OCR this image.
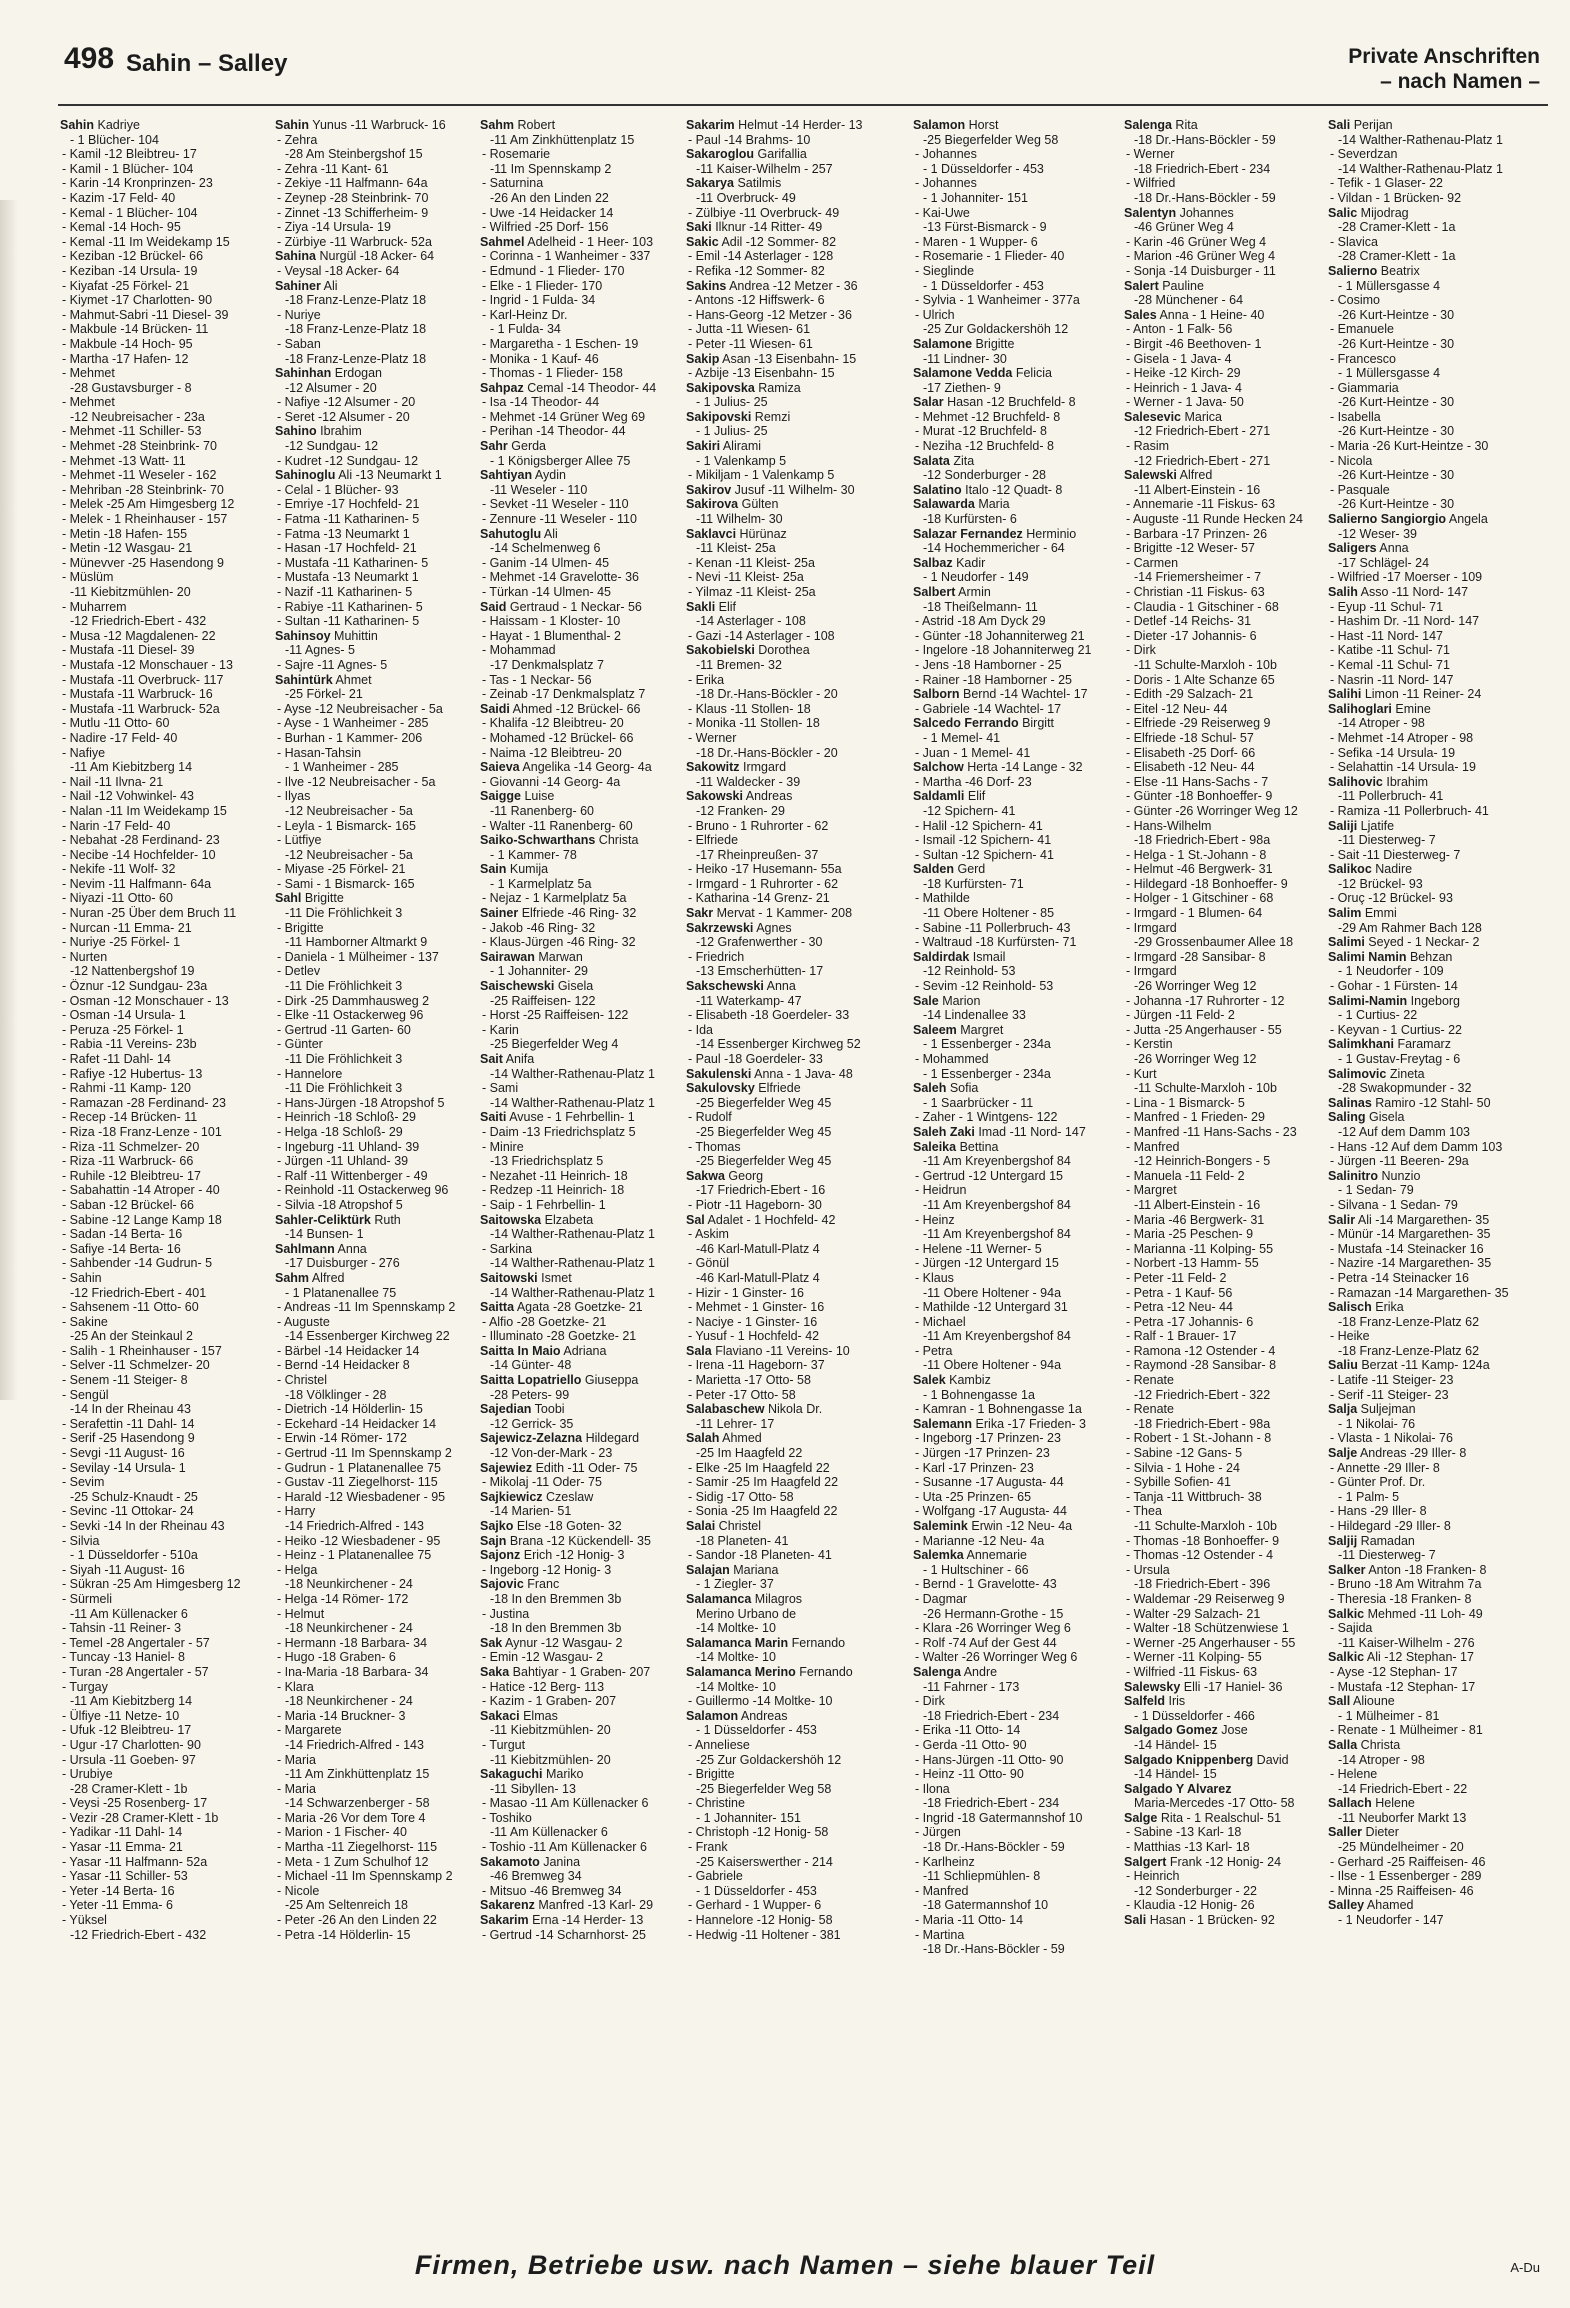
498 Sahin – Salley	Private Anschriften
– nach Namen –
Sahin Kadriye
- 1 Blücher- 104
- Kamil -12 Bleibtreu- 17
- Kamil - 1 Blücher- 104
- Karin -14 Kronprinzen- 23
- Kazim -17 Feld- 40
- Kemal - 1 Blücher- 104
- Kemal -14 Hoch- 95
- Kemal -11 Im Weidekamp 15
- Keziban -12 Brückel- 66
- Keziban -14 Ursula- 19
- Kiyafat -25 Förkel- 21
- Kiymet -17 Charlotten- 90
- Mahmut-Sabri -11 Diesel- 39
- Makbule -14 Brücken- 11
- Makbule -14 Hoch- 95
- Martha -17 Hafen- 12
- Mehmet
-28 Gustavsburger - 8
- Mehmet
-12 Neubreisacher - 23a
- Mehmet -11 Schiller- 53
- Mehmet -28 Steinbrink- 70
- Mehmet -13 Watt- 11
- Mehmet -11 Weseler - 162
- Mehriban -28 Steinbrink- 70
- Melek -25 Am Himgesberg 12
- Melek - 1 Rheinhauser - 157
- Metin -18 Hafen- 155
- Metin -12 Wasgau- 21
- Münevver -25 Hasendong 9
- Müslüm
-11 Kiebitzmühlen- 20
- Muharrem
-12 Friedrich-Ebert - 432
- Musa -12 Magdalenen- 22
- Mustafa -11 Diesel- 39
- Mustafa -12 Monschauer - 13
- Mustafa -11 Overbruck- 117
- Mustafa -11 Warbruck- 16
- Mustafa -11 Warbruck- 52a
- Mutlu -11 Otto- 60
- Nadire -17 Feld- 40
- Nafiye
-11 Am Kiebitzberg 14
- Nail -11 Ilvna- 21
- Nail -12 Vohwinkel- 43
- Nalan -11 Im Weidekamp 15
- Narin -17 Feld- 40
- Nebahat -28 Ferdinand- 23
- Necibe -14 Hochfelder- 10
- Nekife -11 Wolf- 32
- Nevim -11 Halfmann- 64a
- Niyazi -11 Otto- 60
- Nuran -25 Über dem Bruch 11
- Nurcan -11 Emma- 21
- Nuriye -25 Förkel- 1
- Nurten
-12 Nattenbergshof 19
- Öznur -12 Sundgau- 23a
- Osman -12 Monschauer - 13
- Osman -14 Ursula- 1
- Peruza -25 Förkel- 1
- Rabia -11 Vereins- 23b
- Rafet -11 Dahl- 14
- Rafiye -12 Hubertus- 13
- Rahmi -11 Kamp- 120
- Ramazan -28 Ferdinand- 23
- Recep -14 Brücken- 11
- Riza -18 Franz-Lenze - 101
- Riza -11 Schmelzer- 20
- Riza -11 Warbruck- 66
- Ruhile -12 Bleibtreu- 17
- Sabahattin -14 Atroper - 40
- Saban -12 Brückel- 66
- Sabine -12 Lange Kamp 18
- Sadan -14 Berta- 16
- Safiye -14 Berta- 16
- Sahbender -14 Gudrun- 5
- Sahin
-12 Friedrich-Ebert - 401
- Sahsenem -11 Otto- 60
- Sakine
-25 An der Steinkaul 2
- Salih - 1 Rheinhauser - 157
- Selver -11 Schmelzer- 20
- Senem -11 Steiger- 8
- Sengül
-14 In der Rheinau 43
- Serafettin -11 Dahl- 14
- Serif -25 Hasendong 9
- Sevgi -11 August- 16
- Sevilay -14 Ursula- 1
- Sevim
-25 Schulz-Knaudt - 25
- Sevinc -11 Ottokar- 24
- Sevki -14 In der Rheinau 43
- Silvia
- 1 Düsseldorfer - 510a
- Siyah -11 August- 16
- Sükran -25 Am Himgesberg 12
- Sürmeli
-11 Am Küllenacker 6
- Tahsin -11 Reiner- 3
- Temel -28 Angertaler - 57
- Tuncay -13 Haniel- 8
- Turan -28 Angertaler - 57
- Turgay
-11 Am Kiebitzberg 14
- Ülfiye -11 Netze- 10
- Ufuk -12 Bleibtreu- 17
- Ugur -17 Charlotten- 90
- Ursula -11 Goeben- 97
- Urubiye
-28 Cramer-Klett - 1b
- Veysi -25 Rosenberg- 17
- Vezir -28 Cramer-Klett - 1b
- Yadikar -11 Dahl- 14
- Yasar -11 Emma- 21
- Yasar -11 Halfmann- 52a
- Yasar -11 Schiller- 53
- Yeter -14 Berta- 16
- Yeter -11 Emma- 6
- Yüksel
-12 Friedrich-Ebert - 432
Sahin Yunus -11 Warbruck- 16
- Zehra
-28 Am Steinbergshof 15
- Zehra -11 Kant- 61
- Zekiye -11 Halfmann- 64a
- Zeynep -28 Steinbrink- 70
- Zinnet -13 Schifferheim- 9
- Ziya -14 Ursula- 19
- Zürbiye -11 Warbruck- 52a
Sahina Nurgül -18 Acker- 64
- Veysal -18 Acker- 64
Sahiner Ali
-18 Franz-Lenze-Platz 18
- Nuriye
-18 Franz-Lenze-Platz 18
- Saban
-18 Franz-Lenze-Platz 18
Sahinhan Erdogan
-12 Alsumer - 20
- Nafiye -12 Alsumer - 20
- Seret -12 Alsumer - 20
Sahino Ibrahim
-12 Sundgau- 12
- Kudret -12 Sundgau- 12
Sahinoglu Ali -13 Neumarkt 1
- Celal - 1 Blücher- 93
- Emriye -17 Hochfeld- 21
- Fatma -11 Katharinen- 5
- Fatma -13 Neumarkt 1
- Hasan -17 Hochfeld- 21
- Mustafa -11 Katharinen- 5
- Mustafa -13 Neumarkt 1
- Nazif -11 Katharinen- 5
- Rabiye -11 Katharinen- 5
- Sultan -11 Katharinen- 5
Sahinsoy Muhittin
-11 Agnes- 5
- Sajre -11 Agnes- 5
Sahintürk Ahmet
-25 Förkel- 21
- Ayse -12 Neubreisacher - 5a
- Ayse - 1 Wanheimer - 285
- Burhan - 1 Kammer- 206
- Hasan-Tahsin
- 1 Wanheimer - 285
- Ilve -12 Neubreisacher - 5a
- Ilyas
-12 Neubreisacher - 5a
- Leyla - 1 Bismarck- 165
- Lütfiye
-12 Neubreisacher - 5a
- Miyase -25 Förkel- 21
- Sami - 1 Bismarck- 165
Sahl Brigitte
-11 Die Fröhlichkeit 3
- Brigitte
-11 Hamborner Altmarkt 9
- Daniela - 1 Mülheimer - 137
- Detlev
-11 Die Fröhlichkeit 3
- Dirk -25 Dammhausweg 2
- Elke -11 Ostackerweg 96
- Gertrud -11 Garten- 60
- Günter
-11 Die Fröhlichkeit 3
- Hannelore
-11 Die Fröhlichkeit 3
- Hans-Jürgen -18 Atropshof 5
- Heinrich -18 Schloß- 29
- Helga -18 Schloß- 29
- Ingeburg -11 Uhland- 39
- Jürgen -11 Uhland- 39
- Ralf -11 Wittenberger - 49
- Reinhold -11 Ostackerweg 96
- Silvia -18 Atropshof 5
Sahler-Celiktürk Ruth
-14 Bunsen- 1
Sahlmann Anna
-17 Duisburger - 276
Sahm Alfred
- 1 Platanenallee 75
- Andreas -11 Im Spennskamp 2
- Auguste
-14 Essenberger Kirchweg 22
- Bärbel -14 Heidacker 14
- Bernd -14 Heidacker 8
- Christel
-18 Völklinger - 28
- Dietrich -14 Hölderlin- 15
- Eckehard -14 Heidacker 14
- Erwin -14 Römer- 172
- Gertrud -11 Im Spennskamp 2
- Gudrun - 1 Platanenallee 75
- Gustav -11 Ziegelhorst- 115
- Harald -12 Wiesbadener - 95
- Harry
-14 Friedrich-Alfred - 143
- Heiko -12 Wiesbadener - 95
- Heinz - 1 Platanenallee 75
- Helga
-18 Neunkirchener - 24
- Helga -14 Römer- 172
- Helmut
-18 Neunkirchener - 24
- Hermann -18 Barbara- 34
- Hugo -18 Graben- 6
- Ina-Maria -18 Barbara- 34
- Klara
-18 Neunkirchener - 24
- Maria -14 Bruckner- 3
- Margarete
-14 Friedrich-Alfred - 143
- Maria
-11 Am Zinkhüttenplatz 15
- Maria
-14 Schwarzenberger - 58
- Maria -26 Vor dem Tore 4
- Marion - 1 Fischer- 40
- Martha -11 Ziegelhorst- 115
- Meta - 1 Zum Schulhof 12
- Michael -11 Im Spennskamp 2
- Nicole
-25 Am Seltenreich 18
- Peter -26 An den Linden 22
- Petra -14 Hölderlin- 15
Sahm Robert
-11 Am Zinkhüttenplatz 15
- Rosemarie
-11 Im Spennskamp 2
- Saturnina
-26 An den Linden 22
- Uwe -14 Heidacker 14
- Wilfried -25 Dorf- 156
Sahmel Adelheid - 1 Heer- 103
- Corinna - 1 Wanheimer - 337
- Edmund - 1 Flieder- 170
- Elke - 1 Flieder- 170
- Ingrid - 1 Fulda- 34
- Karl-Heinz Dr.
- 1 Fulda- 34
- Margaretha - 1 Eschen- 19
- Monika - 1 Kauf- 46
- Thomas - 1 Flieder- 158
Sahpaz Cemal -14 Theodor- 44
- Isa -14 Theodor- 44
- Mehmet -14 Grüner Weg 69
- Perihan -14 Theodor- 44
Sahr Gerda
- 1 Königsberger Allee 75
Sahtiyan Aydin
-11 Weseler - 110
- Sevket -11 Weseler - 110
- Zennure -11 Weseler - 110
Sahutoglu Ali
-14 Schelmenweg 6
- Ganim -14 Ulmen- 45
- Mehmet -14 Gravelotte- 36
- Türkan -14 Ulmen- 45
Said Gertraud - 1 Neckar- 56
- Haissam - 1 Kloster- 10
- Hayat - 1 Blumenthal- 2
- Mohammad
-17 Denkmalsplatz 7
- Tas - 1 Neckar- 56
- Zeinab -17 Denkmalsplatz 7
Saidi Ahmed -12 Brückel- 66
- Khalifa -12 Bleibtreu- 20
- Mohamed -12 Brückel- 66
- Naima -12 Bleibtreu- 20
Saieva Angelika -14 Georg- 4a
- Giovanni -14 Georg- 4a
Saigge Luise
-11 Ranenberg- 60
- Walter -11 Ranenberg- 60
Saiko-Schwarthans Christa
- 1 Kammer- 78
Sain Kumija
- 1 Karmelplatz 5a
- Nejaz - 1 Karmelplatz 5a
Sainer Elfriede -46 Ring- 32
- Jakob -46 Ring- 32
- Klaus-Jürgen -46 Ring- 32
Sairawan Marwan
- 1 Johanniter- 29
Saischewski Gisela
-25 Raiffeisen- 122
- Horst -25 Raiffeisen- 122
- Karin
-25 Biegerfelder Weg 4
Sait Anifa
-14 Walther-Rathenau-Platz 1
- Sami
-14 Walther-Rathenau-Platz 1
Saiti Avuse - 1 Fehrbellin- 1
- Daim -13 Friedrichsplatz 5
- Minire
-13 Friedrichsplatz 5
- Nezahet -11 Heinrich- 18
- Redzep -11 Heinrich- 18
- Saip - 1 Fehrbellin- 1
Saitowska Elzabeta
-14 Walther-Rathenau-Platz 1
- Sarkina
-14 Walther-Rathenau-Platz 1
Saitowski Ismet
-14 Walther-Rathenau-Platz 1
Saitta Agata -28 Goetzke- 21
- Alfio -28 Goetzke- 21
- Illuminato -28 Goetzke- 21
Saitta In Maio Adriana
-14 Günter- 48
Saitta Lopatriello Giuseppa
-28 Peters- 99
Sajedian Toobi
-12 Gerrick- 35
Sajewicz-Zelazna Hildegard
-12 Von-der-Mark - 23
Sajewiez Edith -11 Oder- 75
- Mikolaj -11 Oder- 75
Sajkiewicz Czeslaw
-14 Marien- 51
Sajko Else -18 Goten- 32
Sajn Brana -12 Kückendell- 35
Sajonz Erich -12 Honig- 3
- Ingeborg -12 Honig- 3
Sajovic Franc
-18 In den Bremmen 3b
- Justina
-18 In den Bremmen 3b
Sak Aynur -12 Wasgau- 2
- Emin -12 Wasgau- 2
Saka Bahtiyar - 1 Graben- 207
- Hatice -12 Berg- 113
- Kazim - 1 Graben- 207
Sakaci Elmas
-11 Kiebitzmühlen- 20
- Turgut
-11 Kiebitzmühlen- 20
Sakaguchi Mariko
-11 Sibyllen- 13
- Masao -11 Am Küllenacker 6
- Toshiko
-11 Am Küllenacker 6
- Toshio -11 Am Küllenacker 6
Sakamoto Janina
-46 Bremweg 34
- Mitsuo -46 Bremweg 34
Sakarenz Manfred -13 Karl- 29
Sakarim Erna -14 Herder- 13
- Gertrud -14 Scharnhorst- 25
Sakarim Helmut -14 Herder- 13
- Paul -14 Brahms- 10
Sakaroglou Garifallia
-11 Kaiser-Wilhelm - 257
Sakarya Satilmis
-11 Overbruck- 49
- Zülbiye -11 Overbruck- 49
Saki Ilknur -14 Ritter- 49
Sakic Adil -12 Sommer- 82
- Emil -14 Asterlager - 128
- Refika -12 Sommer- 82
Sakins Andrea -12 Metzer - 36
- Antons -12 Hiffswerk- 6
- Hans-Georg -12 Metzer - 36
- Jutta -11 Wiesen- 61
- Peter -11 Wiesen- 61
Sakip Asan -13 Eisenbahn- 15
- Azbije -13 Eisenbahn- 15
Sakipovska Ramiza
- 1 Julius- 25
Sakipovski Remzi
- 1 Julius- 25
Sakiri Alirami
- 1 Valenkamp 5
- Mikiljam - 1 Valenkamp 5
Sakirov Jusuf -11 Wilhelm- 30
Sakirova Gülten
-11 Wilhelm- 30
Saklavci Hürünaz
-11 Kleist- 25a
- Kenan -11 Kleist- 25a
- Nevi -11 Kleist- 25a
- Yilmaz -11 Kleist- 25a
Sakli Elif
-14 Asterlager - 108
- Gazi -14 Asterlager - 108
Sakobielski Dorothea
-11 Bremen- 32
- Erika
-18 Dr.-Hans-Böckler - 20
- Klaus -11 Stollen- 18
- Monika -11 Stollen- 18
- Werner
-18 Dr.-Hans-Böckler - 20
Sakowitz Irmgard
-11 Waldecker - 39
Sakowski Andreas
-12 Franken- 29
- Bruno - 1 Ruhrorter - 62
- Elfriede
-17 Rheinpreußen- 37
- Heiko -17 Husemann- 55a
- Irmgard - 1 Ruhrorter - 62
- Katharina -14 Grenz- 21
Sakr Mervat - 1 Kammer- 208
Sakrzewski Agnes
-12 Grafenwerther - 30
- Friedrich
-13 Emscherhütten- 17
Sakschewski Anna
-11 Waterkamp- 47
- Elisabeth -18 Goerdeler- 33
- Ida
-14 Essenberger Kirchweg 52
- Paul -18 Goerdeler- 33
Sakulenski Anna - 1 Java- 48
Sakulovsky Elfriede
-25 Biegerfelder Weg 45
- Rudolf
-25 Biegerfelder Weg 45
- Thomas
-25 Biegerfelder Weg 45
Sakwa Georg
-17 Friedrich-Ebert - 16
- Piotr -11 Hageborn- 30
Sal Adalet - 1 Hochfeld- 42
- Askim
-46 Karl-Matull-Platz 4
- Gönül
-46 Karl-Matull-Platz 4
- Hizir - 1 Ginster- 16
- Mehmet - 1 Ginster- 16
- Naciye - 1 Ginster- 16
- Yusuf - 1 Hochfeld- 42
Sala Flaviano -11 Vereins- 10
- Irena -11 Hageborn- 37
- Marietta -17 Otto- 58
- Peter -17 Otto- 58
Salabaschew Nikola Dr.
-11 Lehrer- 17
Salah Ahmed
-25 Im Haagfeld 22
- Elke -25 Im Haagfeld 22
- Samir -25 Im Haagfeld 22
- Sidig -17 Otto- 58
- Sonia -25 Im Haagfeld 22
Salai Christel
-18 Planeten- 41
- Sandor -18 Planeten- 41
Salajan Mariana
- 1 Ziegler- 37
Salamanca Milagros
Merino Urbano de
-14 Moltke- 10
Salamanca Marin Fernando
-14 Moltke- 10
Salamanca Merino Fernando
-14 Moltke- 10
- Guillermo -14 Moltke- 10
Salamon Andreas
- 1 Düsseldorfer - 453
- Anneliese
-25 Zur Goldackershöh 12
- Brigitte
-25 Biegerfelder Weg 58
- Christine
- 1 Johanniter- 151
- Christoph -12 Honig- 58
- Frank
-25 Kaiserswerther - 214
- Gabriele
- 1 Düsseldorfer - 453
- Gerhard - 1 Wupper- 6
- Hannelore -12 Honig- 58
- Hedwig -11 Holtener - 381
Salamon Horst
-25 Biegerfelder Weg 58
- Johannes
- 1 Düsseldorfer - 453
- Johannes
- 1 Johanniter- 151
- Kai-Uwe
-13 Fürst-Bismarck - 9
- Maren - 1 Wupper- 6
- Rosemarie - 1 Flieder- 40
- Sieglinde
- 1 Düsseldorfer - 453
- Sylvia - 1 Wanheimer - 377a
- Ulrich
-25 Zur Goldackershöh 12
Salamone Brigitte
-11 Lindner- 30
Salamone Vedda Felicia
-17 Ziethen- 9
Salar Hasan -12 Bruchfeld- 8
- Mehmet -12 Bruchfeld- 8
- Murat -12 Bruchfeld- 8
- Neziha -12 Bruchfeld- 8
Salata Zita
-12 Sonderburger - 28
Salatino Italo -12 Quadt- 8
Salawarda Maria
-18 Kurfürsten- 6
Salazar Fernandez Herminio
-14 Hochemmericher - 64
Salbaz Kadir
- 1 Neudorfer - 149
Salbert Armin
-18 Theißelmann- 11
- Astrid -18 Am Dyck 29
- Günter -18 Johanniterweg 21
- Ingelore -18 Johanniterweg 21
- Jens -18 Hamborner - 25
- Rainer -18 Hamborner - 25
Salborn Bernd -14 Wachtel- 17
- Gabriele -14 Wachtel- 17
Salcedo Ferrando Birgitt
- 1 Memel- 41
- Juan - 1 Memel- 41
Salchow Herta -14 Lange - 32
- Martha -46 Dorf- 23
Saldamli Elif
-12 Spichern- 41
- Halil -12 Spichern- 41
- Ismail -12 Spichern- 41
- Sultan -12 Spichern- 41
Salden Gerd
-18 Kurfürsten- 71
- Mathilde
-11 Obere Holtener - 85
- Sabine -11 Pollerbruch- 43
- Waltraud -18 Kurfürsten- 71
Saldirdak Ismail
-12 Reinhold- 53
- Sevim -12 Reinhold- 53
Sale Marion
-14 Lindenallee 33
Saleem Margret
- 1 Essenberger - 234a
- Mohammed
- 1 Essenberger - 234a
Saleh Sofia
- 1 Saarbrücker - 11
- Zaher - 1 Wintgens- 122
Saleh Zaki Imad -11 Nord- 147
Saleika Bettina
-11 Am Kreyenbergshof 84
- Gertrud -12 Untergard 15
- Heidrun
-11 Am Kreyenbergshof 84
- Heinz
-11 Am Kreyenbergshof 84
- Helene -11 Werner- 5
- Jürgen -12 Untergard 15
- Klaus
-11 Obere Holtener - 94a
- Mathilde -12 Untergard 31
- Michael
-11 Am Kreyenbergshof 84
- Petra
-11 Obere Holtener - 94a
Salek Kambiz
- 1 Bohnengasse 1a
- Kamran - 1 Bohnengasse 1a
Salemann Erika -17 Frieden- 3
- Ingeborg -17 Prinzen- 23
- Jürgen -17 Prinzen- 23
- Karl -17 Prinzen- 23
- Susanne -17 Augusta- 44
- Uta -25 Prinzen- 65
- Wolfgang -17 Augusta- 44
Salemink Erwin -12 Neu- 4a
- Marianne -12 Neu- 4a
Salemka Annemarie
- 1 Hultschiner - 66
- Bernd - 1 Gravelotte- 43
- Dagmar
-26 Hermann-Grothe - 15
- Klara -26 Worringer Weg 6
- Rolf -74 Auf der Gest 44
- Walter -26 Worringer Weg 6
Salenga Andre
-11 Fahrner - 173
- Dirk
-18 Friedrich-Ebert - 234
- Erika -11 Otto- 14
- Gerda -11 Otto- 90
- Hans-Jürgen -11 Otto- 90
- Heinz -11 Otto- 90
- Ilona
-18 Friedrich-Ebert - 234
- Ingrid -18 Gatermannshof 10
- Jürgen
-18 Dr.-Hans-Böckler - 59
- Karlheinz
-11 Schliepmühlen- 8
- Manfred
-18 Gatermannshof 10
- Maria -11 Otto- 14
- Martina
-18 Dr.-Hans-Böckler - 59
Salenga Rita
-18 Dr.-Hans-Böckler - 59
- Werner
-18 Friedrich-Ebert - 234
- Wilfried
-18 Dr.-Hans-Böckler - 59
Salentyn Johannes
-46 Grüner Weg 4
- Karin -46 Grüner Weg 4
- Marion -46 Grüner Weg 4
- Sonja -14 Duisburger - 11
Salert Pauline
-28 Münchener - 64
Sales Anna - 1 Heine- 40
- Anton - 1 Falk- 56
- Birgit -46 Beethoven- 1
- Gisela - 1 Java- 4
- Heike -12 Kirch- 29
- Heinrich - 1 Java- 4
- Werner - 1 Java- 50
Salesevic Marica
-12 Friedrich-Ebert - 271
- Rasim
-12 Friedrich-Ebert - 271
Salewski Alfred
-11 Albert-Einstein - 16
- Annemarie -11 Fiskus- 63
- Auguste -11 Runde Hecken 24
- Barbara -17 Prinzen- 26
- Brigitte -12 Weser- 57
- Carmen
-14 Friemersheimer - 7
- Christian -11 Fiskus- 63
- Claudia - 1 Gitschiner - 68
- Detlef -14 Reichs- 31
- Dieter -17 Johannis- 6
- Dirk
-11 Schulte-Marxloh - 10b
- Doris - 1 Alte Schanze 65
- Edith -29 Salzach- 21
- Eitel -12 Neu- 44
- Elfriede -29 Reiserweg 9
- Elfriede -18 Schul- 57
- Elisabeth -25 Dorf- 66
- Elisabeth -12 Neu- 44
- Else -11 Hans-Sachs - 7
- Günter -18 Bonhoeffer- 9
- Günter -26 Worringer Weg 12
- Hans-Wilhelm
-18 Friedrich-Ebert - 98a
- Helga - 1 St.-Johann - 8
- Helmut -46 Bergwerk- 31
- Hildegard -18 Bonhoeffer- 9
- Holger - 1 Gitschiner - 68
- Irmgard - 1 Blumen- 64
- Irmgard
-29 Grossenbaumer Allee 18
- Irmgard -28 Sansibar- 8
- Irmgard
-26 Worringer Weg 12
- Johanna -17 Ruhrorter - 12
- Jürgen -11 Feld- 2
- Jutta -25 Angerhauser - 55
- Kerstin
-26 Worringer Weg 12
- Kurt
-11 Schulte-Marxloh - 10b
- Lina - 1 Bismarck- 5
- Manfred - 1 Frieden- 29
- Manfred -11 Hans-Sachs - 23
- Manfred
-12 Heinrich-Bongers - 5
- Manuela -11 Feld- 2
- Margret
-11 Albert-Einstein - 16
- Maria -46 Bergwerk- 31
- Maria -25 Peschen- 9
- Marianna -11 Kolping- 55
- Norbert -13 Hamm- 55
- Peter -11 Feld- 2
- Petra - 1 Kauf- 56
- Petra -12 Neu- 44
- Petra -17 Johannis- 6
- Ralf - 1 Brauer- 17
- Ramona -12 Ostender - 4
- Raymond -28 Sansibar- 8
- Renate
-12 Friedrich-Ebert - 322
- Renate
-18 Friedrich-Ebert - 98a
- Robert - 1 St.-Johann - 8
- Sabine -12 Gans- 5
- Silvia - 1 Hohe - 24
- Sybille Sofien- 41
- Tanja -11 Wittbruch- 38
- Thea
-11 Schulte-Marxloh - 10b
- Thomas -18 Bonhoeffer- 9
- Thomas -12 Ostender - 4
- Ursula
-18 Friedrich-Ebert - 396
- Waldemar -29 Reiserweg 9
- Walter -29 Salzach- 21
- Walter -18 Schützenwiese 1
- Werner -25 Angerhauser - 55
- Werner -11 Kolping- 55
- Wilfried -11 Fiskus- 63
Salewsky Elli -17 Haniel- 36
Salfeld Iris
- 1 Düsseldorfer - 466
Salgado Gomez Jose
-14 Händel- 15
Salgado Knippenberg David
-14 Händel- 15
Salgado Y Alvarez
Maria-Mercedes -17 Otto- 58
Salge Rita - 1 Realschul- 51
- Sabine -13 Karl- 18
- Matthias -13 Karl- 18
Salgert Frank -12 Honig- 24
- Heinrich
-12 Sonderburger - 22
- Klaudia -12 Honig- 26
Sali Hasan - 1 Brücken- 92
Sali Perijan
-14 Walther-Rathenau-Platz 1
- Severdzan
-14 Walther-Rathenau-Platz 1
- Tefik - 1 Glaser- 22
- Vildan - 1 Brücken- 92
Salic Mijodrag
-28 Cramer-Klett - 1a
- Slavica
-28 Cramer-Klett - 1a
Salierno Beatrix
- 1 Müllersgasse 4
- Cosimo
-26 Kurt-Heintze - 30
- Emanuele
-26 Kurt-Heintze - 30
- Francesco
- 1 Müllersgasse 4
- Giammaria
-26 Kurt-Heintze - 30
- Isabella
-26 Kurt-Heintze - 30
- Maria -26 Kurt-Heintze - 30
- Nicola
-26 Kurt-Heintze - 30
- Pasquale
-26 Kurt-Heintze - 30
Salierno Sangiorgio Angela
-12 Weser- 39
Saligers Anna
-17 Schlägel- 24
- Wilfried -17 Moerser - 109
Salih Asso -11 Nord- 147
- Eyup -11 Schul- 71
- Hashim Dr. -11 Nord- 147
- Hast -11 Nord- 147
- Katibe -11 Schul- 71
- Kemal -11 Schul- 71
- Nasrin -11 Nord- 147
Salihi Limon -11 Reiner- 24
Salihoglari Emine
-14 Atroper - 98
- Mehmet -14 Atroper - 98
- Sefika -14 Ursula- 19
- Selahattin -14 Ursula- 19
Salihovic Ibrahim
-11 Pollerbruch- 41
- Ramiza -11 Pollerbruch- 41
Saliji Ljatife
-11 Diesterweg- 7
- Sait -11 Diesterweg- 7
Salikoc Nadire
-12 Brückel- 93
- Oruç -12 Brückel- 93
Salim Emmi
-29 Am Rahmer Bach 128
Salimi Seyed - 1 Neckar- 2
Salimi Namin Behzan
- 1 Neudorfer - 109
- Gohar - 1 Fürsten- 14
Salimi-Namin Ingeborg
- 1 Curtius- 22
- Keyvan - 1 Curtius- 22
Salimkhani Faramarz
- 1 Gustav-Freytag - 6
Salimovic Zineta
-28 Swakopmunder - 32
Salinas Ramiro -12 Stahl- 50
Saling Gisela
-12 Auf dem Damm 103
- Hans -12 Auf dem Damm 103
- Jürgen -11 Beeren- 29a
Salinitro Nunzio
- 1 Sedan- 79
- Silvana - 1 Sedan- 79
Salir Ali -14 Margarethen- 35
- Münür -14 Margarethen- 35
- Mustafa -14 Steinacker 16
- Nazire -14 Margarethen- 35
- Petra -14 Steinacker 16
- Ramazan -14 Margarethen- 35
Salisch Erika
-18 Franz-Lenze-Platz 62
- Heike
-18 Franz-Lenze-Platz 62
Saliu Berzat -11 Kamp- 124a
- Latife -11 Steiger- 23
- Serif -11 Steiger- 23
Salja Suljejman
- 1 Nikolai- 76
- Vlasta - 1 Nikolai- 76
Salje Andreas -29 Iller- 8
- Annette -29 Iller- 8
- Günter Prof. Dr.
- 1 Palm- 5
- Hans -29 Iller- 8
- Hildegard -29 Iller- 8
Saljij Ramadan
-11 Diesterweg- 7
Salker Anton -18 Franken- 8
- Bruno -18 Am Witrahm 7a
- Theresia -18 Franken- 8
Salkic Mehmed -11 Loh- 49
- Sajida
-11 Kaiser-Wilhelm - 276
Salkic Ali -12 Stephan- 17
- Ayse -12 Stephan- 17
- Mustafa -12 Stephan- 17
Sall Alioune
- 1 Mülheimer - 81
- Renate - 1 Mülheimer - 81
Salla Christa
-14 Atroper - 98
- Helene
-14 Friedrich-Ebert - 22
Sallach Helene
-11 Neuborfer Markt 13
Saller Dieter
-25 Mündelheimer - 20
- Gerhard -25 Raiffeisen- 46
- Ilse - 1 Essenberger - 289
- Minna -25 Raiffeisen- 46
Salley Ahamed
- 1 Neudorfer - 147
Firmen, Betriebe usw. nach Namen – siehe blauer Teil	A-Du
